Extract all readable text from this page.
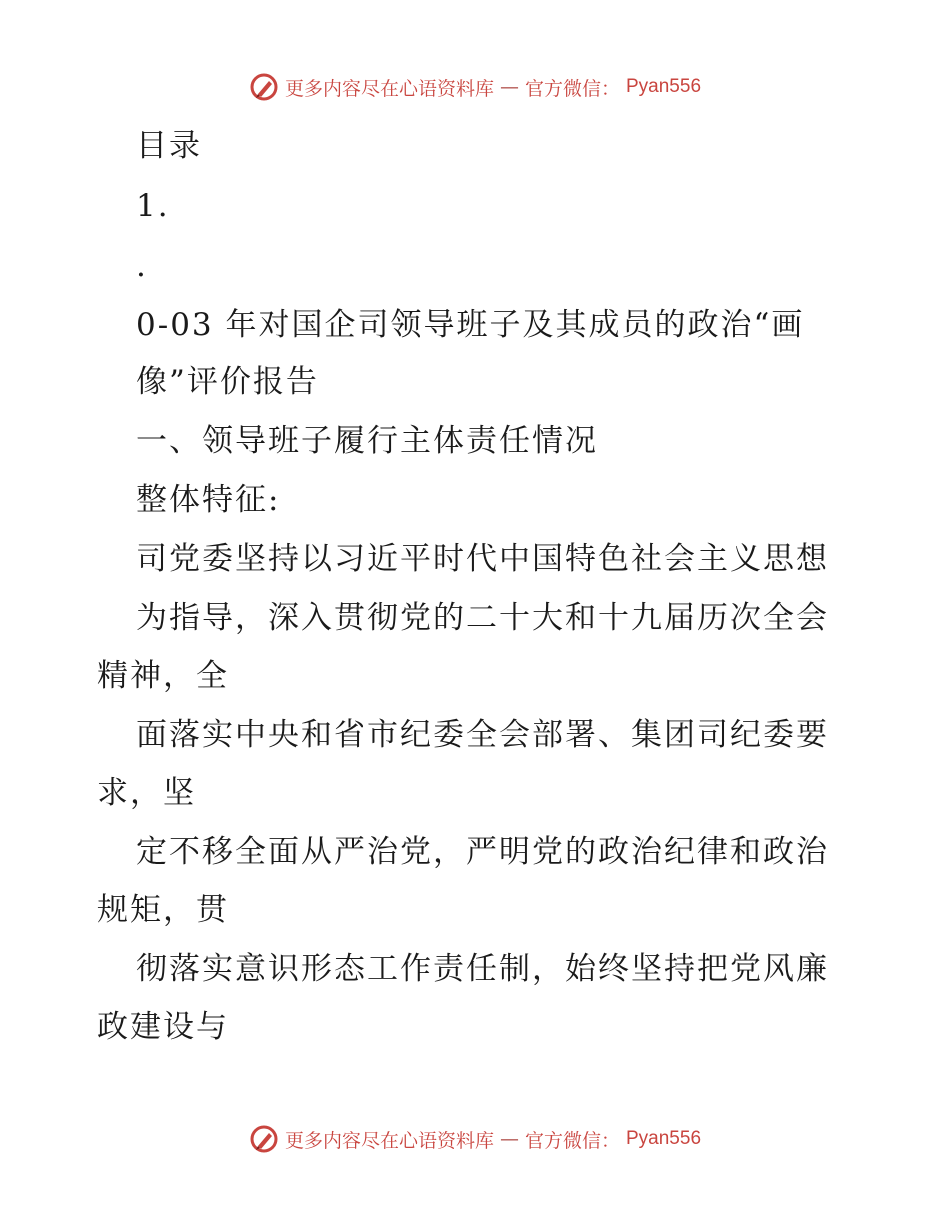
更多内容尽在心语资料库 — 官方微信： Pyan556
目录
1.
.
0-03 年对国企司领导班子及其成员的政治“画
像”评价报告
一、领导班子履行主体责任情况
整体特征:
司党委坚持以习近平时代中国特色社会主义思想
为指导，深入贯彻党的二十大和十九届历次全会
精神，全
面落实中央和省市纪委全会部署、集团司纪委要
求，坚
定不移全面从严治党，严明党的政治纪律和政治
规矩，贯
彻落实意识形态工作责任制，始终坚持把党风廉
政建设与
更多内容尽在心语资料库 — 官方微信： Pyan556
